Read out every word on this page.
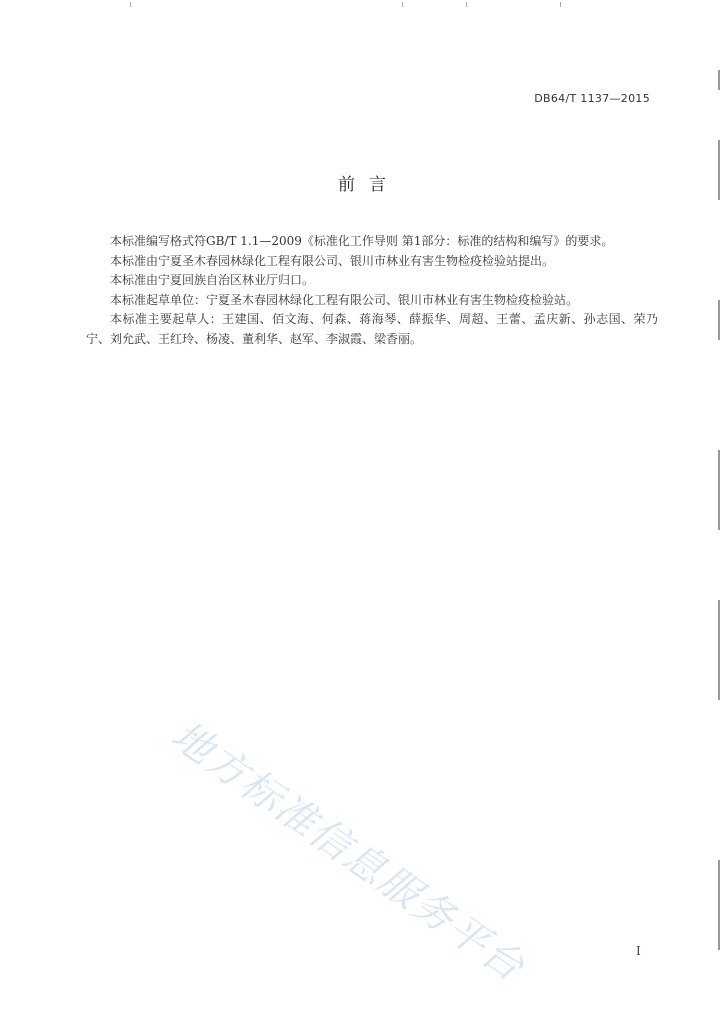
DB64/T 1137—2015
前言

本标准编写格式符GB/T 1.1—2009《标准化工作导则 第1部分：标准的结构和编写》的要求。

本标准由宁夏圣木春园林绿化工程有限公司、银川市林业有害生物检疫检验站提出。

本标准由宁夏回族自治区林业厅归口。

本标准起草单位：宁夏圣木春园林绿化工程有限公司、银川市林业有害生物检疫检验站。

本标准主要起草人：王建国、佰文海、何森、蒋海琴、薛振华、周超、王蕾、孟庆新、孙志国、荣乃宁、刘允武、王红玲、杨凌、董利华、赵军、李淑霞、梁香丽。

地方标准信息服务平台	I
